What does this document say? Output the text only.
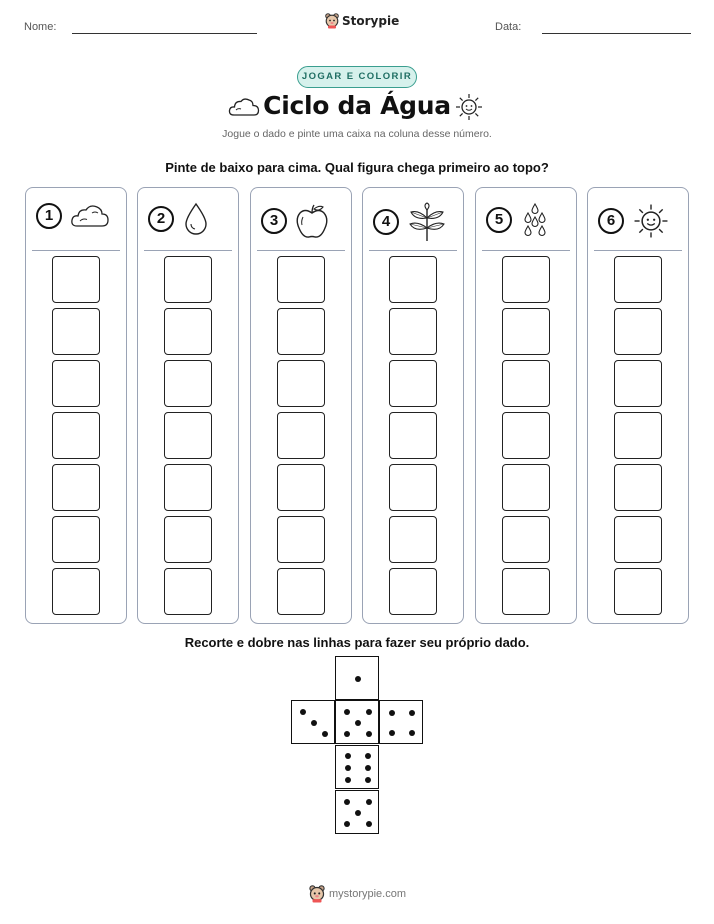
Nome:	Storypie	Data:
JOGAR E COLORIR
Ciclo da Água
Jogue o dado e pinte uma caixa na coluna desse número.
Pinte de baixo para cima. Qual figura chega primeiro ao topo?
1	2	3	4	5	6
Recorte e dobre nas linhas para fazer seu próprio dado.
mystorypie.com
